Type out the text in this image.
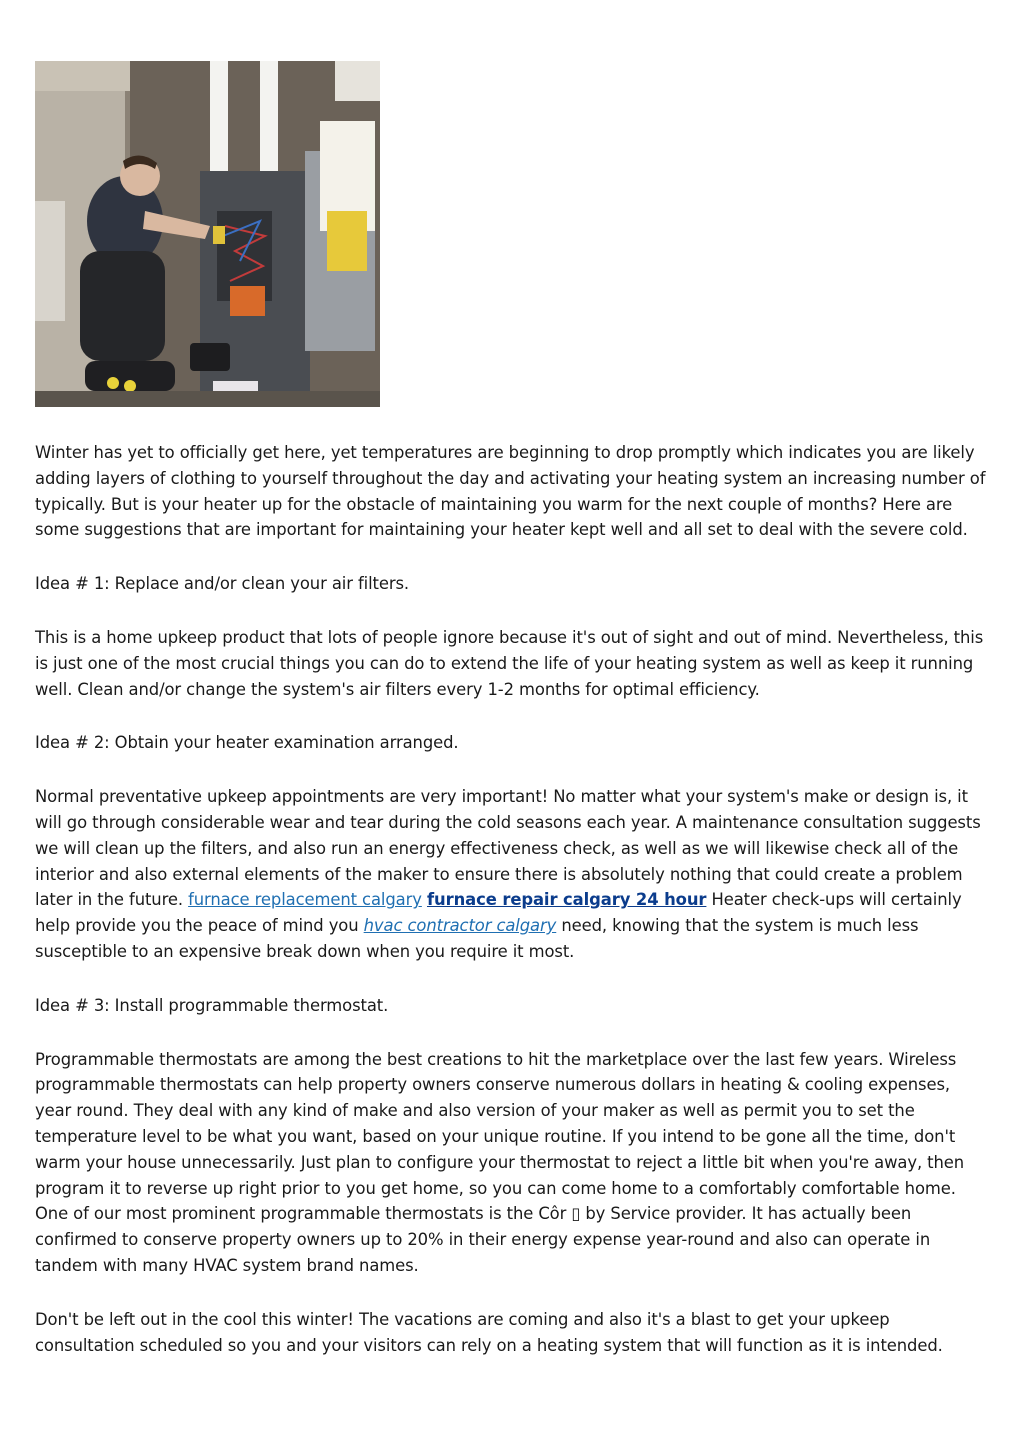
Winter has yet to officially get here, yet temperatures are beginning to drop promptly which indicates you are likely adding layers of clothing to yourself throughout the day and activating your heating system an increasing number of typically. But is your heater up for the obstacle of maintaining you warm for the next couple of months? Here are some suggestions that are important for maintaining your heater kept well and all set to deal with the severe cold.

Idea # 1: Replace and/or clean your air filters.

This is a home upkeep product that lots of people ignore because it's out of sight and out of mind. Nevertheless, this is just one of the most crucial things you can do to extend the life of your heating system as well as keep it running well. Clean and/or change the system's air filters every 1-2 months for optimal efficiency.

Idea # 2: Obtain your heater examination arranged.

Normal preventative upkeep appointments are very important! No matter what your system's make or design is, it will go through considerable wear and tear during the cold seasons each year. A maintenance consultation suggests we will clean up the filters, and also run an energy effectiveness check, as well as we will likewise check all of the interior and also external elements of the maker to ensure there is absolutely nothing that could create a problem later in the future. furnace replacement calgary furnace repair calgary 24 hour Heater check-ups will certainly help provide you the peace of mind you hvac contractor calgary need, knowing that the system is much less susceptible to an expensive break down when you require it most.

Idea # 3: Install programmable thermostat.

Programmable thermostats are among the best creations to hit the marketplace over the last few years. Wireless programmable thermostats can help property owners conserve numerous dollars in heating & cooling expenses, year round. They deal with any kind of make and also version of your maker as well as permit you to set the temperature level to be what you want, based on your unique routine. If you intend to be gone all the time, don't warm your house unnecessarily. Just plan to configure your thermostat to reject a little bit when you're away, then program it to reverse up right prior to you get home, so you can come home to a comfortably comfortable home. One of our most prominent programmable thermostats is the Côr ▯ by Service provider. It has actually been confirmed to conserve property owners up to 20% in their energy expense year-round and also can operate in tandem with many HVAC system brand names.

Don't be left out in the cool this winter! The vacations are coming and also it's a blast to get your upkeep consultation scheduled so you and your visitors can rely on a heating system that will function as it is intended.
